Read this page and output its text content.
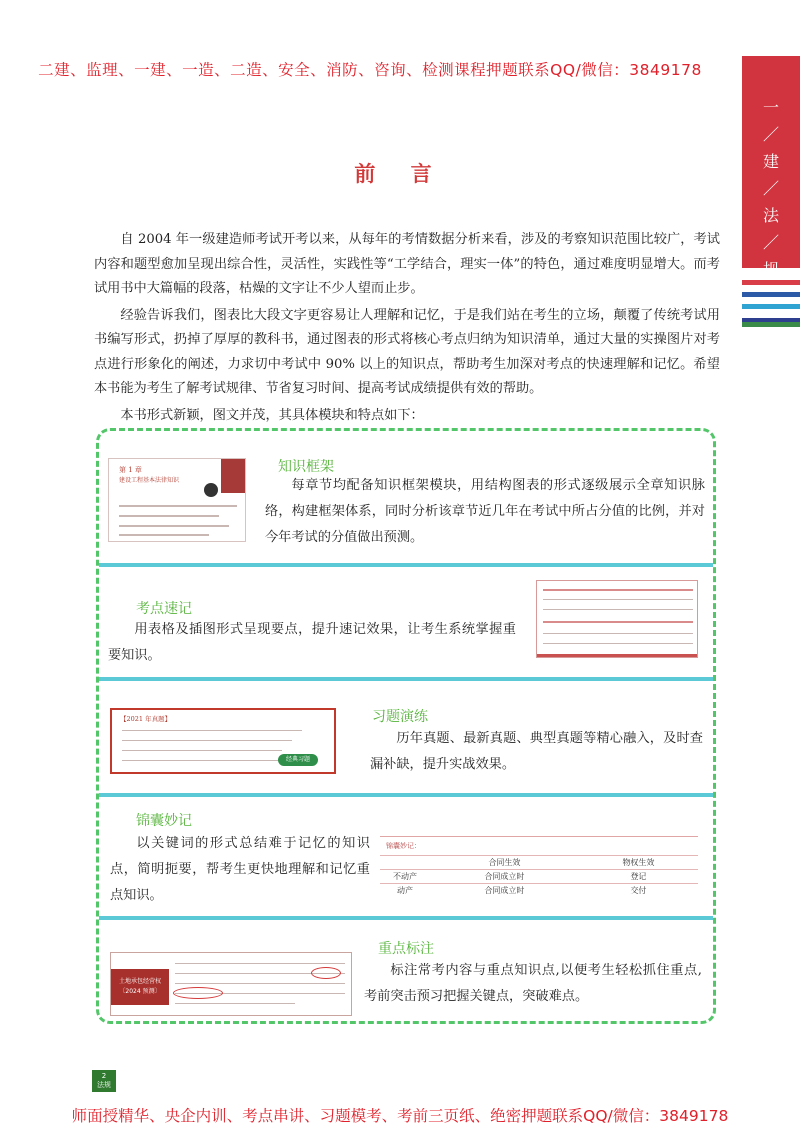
二建、监理、一建、一造、二造、安全、消防、咨询、检测课程押题联系QQ/微信：3849178
一
／
建
／
法
／
规
前 言

自 2004 年一级建造师考试开考以来，从每年的考情数据分析来看，涉及的考察知识范围比较广，考试内容和题型愈加呈现出综合性，灵活性，实践性等“工学结合，理实一体”的特色，通过难度明显增大。而考试用书中大篇幅的段落，枯燥的文字让不少人望而止步。

经验告诉我们，图表比大段文字更容易让人理解和记忆，于是我们站在考生的立场，颠覆了传统考试用书编写形式，扔掉了厚厚的教科书，通过图表的形式将核心考点归纳为知识清单，通过大量的实操图片对考点进行形象化的阐述，力求切中考试中 90% 以上的知识点，帮助考生加深对考点的快速理解和记忆。希望本书能为考生了解考试规律、节省复习时间、提高考试成绩提供有效的帮助。

本书形式新颖，图文并茂，其具体模块和特点如下：

第 1 章
建设工程基本法律知识
知识框架

每章节均配备知识框架模块，用结构图表的形式逐级展示全章知识脉络，构建框架体系，同时分析该章节近几年在考试中所占分值的比例，并对今年考试的分值做出预测。

考点速记

用表格及插图形式呈现要点，提升速记效果，让考生系统掌握重要知识。

【2021 年真题】
经典习题
习题演练

历年真题、最新真题、典型真题等精心融入，及时查漏补缺，提升实战效果。

锦囊妙记

以关键词的形式总结难于记忆的知识点，简明扼要，帮考生更快地理解和记忆重点知识。

锦囊妙记：
	合同生效	物权生效
不动产	合同成立时	登记
动产	合同成立时	交付
土地承包经营权
〔2024 预测〕
重点标注

标注常考内容与重点知识点,以便考生轻松抓住重点,考前突击预习把握关键点，突破难点。

2
法规
师面授精华、央企内训、考点串讲、习题模考、考前三页纸、绝密押题联系QQ/微信：3849178
